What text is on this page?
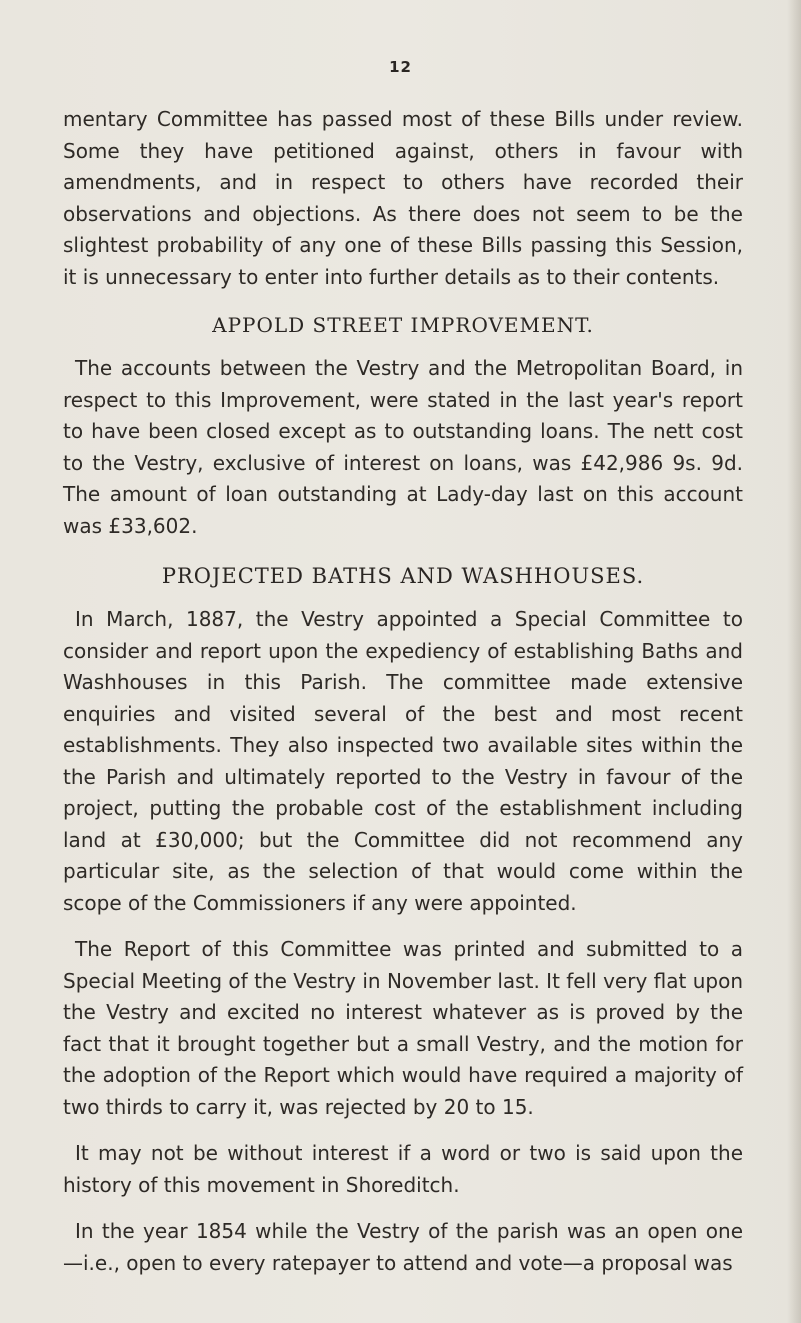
12

mentary Committee has passed most of these Bills under review. Some they have petitioned against, others in favour with amendments, and in respect to others have recorded their observations and objections. As there does not seem to be the slightest probability of any one of these Bills passing this Session, it is unnecessary to enter into further details as to their contents.

APPOLD STREET IMPROVEMENT.

The accounts between the Vestry and the Metropolitan Board, in respect to this Improvement, were stated in the last year's report to have been closed except as to outstanding loans. The nett cost to the Vestry, exclusive of interest on loans, was £42,986 9s. 9d. The amount of loan outstanding at Lady-day last on this account was £33,602.

PROJECTED BATHS AND WASHHOUSES.

In March, 1887, the Vestry appointed a Special Committee to consider and report upon the expediency of establishing Baths and Washhouses in this Parish. The committee made extensive enquiries and visited several of the best and most recent establishments. They also inspected two available sites within the the Parish and ultimately reported to the Vestry in favour of the project, putting the probable cost of the establishment including land at £30,000; but the Committee did not recommend any particular site, as the selection of that would come within the scope of the Commissioners if any were appointed.

The Report of this Committee was printed and submitted to a Special Meeting of the Vestry in November last. It fell very flat upon the Vestry and excited no interest whatever as is proved by the fact that it brought together but a small Vestry, and the motion for the adoption of the Report which would have required a majority of two thirds to carry it, was rejected by 20 to 15.

It may not be without interest if a word or two is said upon the history of this movement in Shoreditch.

In the year 1854 while the Vestry of the parish was an open one —i.e., open to every ratepayer to attend and vote—a proposal was
